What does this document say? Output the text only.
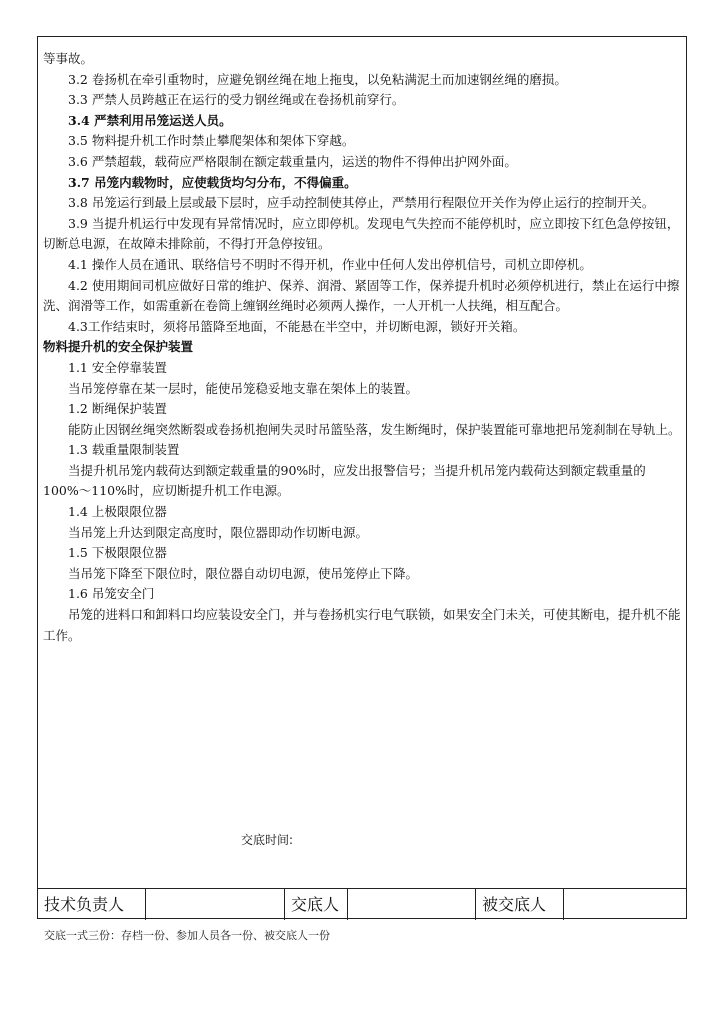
等事故。

3.2 卷扬机在牵引重物时，应避免钢丝绳在地上拖曳，以免粘满泥土而加速钢丝绳的磨损。

3.3 严禁人员跨越正在运行的受力钢丝绳或在卷扬机前穿行。

3.4 严禁利用吊笼运送人员。

3.5 物料提升机工作时禁止攀爬架体和架体下穿越。

3.6 严禁超载，载荷应严格限制在额定载重量内，运送的物件不得伸出护网外面。

3.7 吊笼内载物时，应使载货均匀分布，不得偏重。

3.8 吊笼运行到最上层或最下层时，应手动控制使其停止，严禁用行程限位开关作为停止运行的控制开关。

3.9 当提升机运行中发现有异常情况时，应立即停机。发现电气失控而不能停机时，应立即按下红色急停按钮，切断总电源，在故障未排除前，不得打开急停按钮。

4.1 操作人员在通讯、联络信号不明时不得开机，作业中任何人发出停机信号，司机立即停机。

4.2 使用期间司机应做好日常的维护、保养、润滑、紧固等工作，保养提升机时必须停机进行，禁止在运行中擦洗、润滑等工作，如需重新在卷筒上缠钢丝绳时必须两人操作，一人开机一人扶绳，相互配合。

4.3工作结束时，须将吊篮降至地面，不能悬在半空中，并切断电源，锁好开关箱。

物料提升机的安全保护装置

1.1 安全停靠装置

当吊笼停靠在某一层时，能使吊笼稳妥地支靠在架体上的装置。

1.2 断绳保护装置

能防止因钢丝绳突然断裂或卷扬机抱闸失灵时吊篮坠落，发生断绳时，保护装置能可靠地把吊笼刹制在导轨上。

1.3 载重量限制装置

当提升机吊笼内载荷达到额定载重量的90%时，应发出报警信号；当提升机吊笼内载荷达到额定载重量的100%～110%时，应切断提升机工作电源。

1.4 上极限限位器

当吊笼上升达到限定高度时，限位器即动作切断电源。

1.5 下极限限位器

当吊笼下降至下限位时，限位器自动切电源，使吊笼停止下降。

1.6 吊笼安全门

吊笼的进料口和卸料口均应装设安全门，并与卷扬机实行电气联锁，如果安全门未关，可使其断电，提升机不能工作。

交底时间:
技术负责人	交底人	被交底人
交底一式三份：存档一份、参加人员各一份、被交底人一份
